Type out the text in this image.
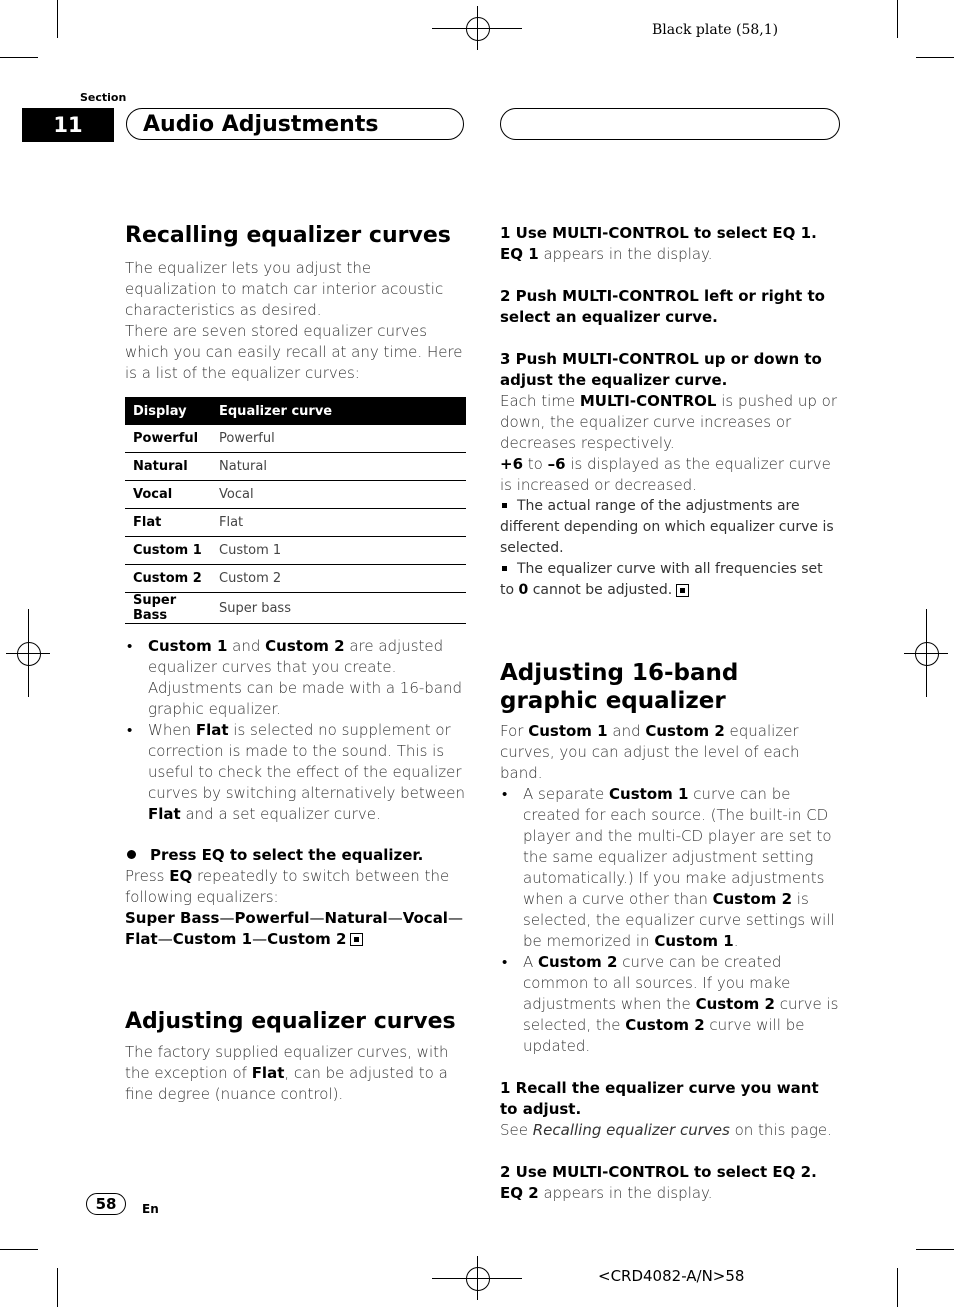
Black plate (58,1)
Section
11	Audio Adjustments
Recalling equalizer curves
The equalizer lets you adjust the equalization to match car interior acoustic characteristics as desired.
There are seven stored equalizer curves which you can easily recall at any time. Here is a list of the equalizer curves:
Display	Equalizer curve
Powerful	Powerful
Natural	Natural
Vocal	Vocal
Flat	Flat
Custom 1	Custom 1
Custom 2	Custom 2
Super Bass	Super bass
• Custom 1 and Custom 2 are adjusted equalizer curves that you create. Adjustments can be made with a 16-band graphic equalizer.
• When Flat is selected no supplement or correction is made to the sound. This is useful to check the effect of the equalizer curves by switching alternatively between Flat and a set equalizer curve.
Press EQ to select the equalizer.
Press EQ repeatedly to switch between the following equalizers:
Super Bass—Powerful—Natural—Vocal—
Flat—Custom 1—Custom 2
Adjusting equalizer curves
The factory supplied equalizer curves, with the exception of Flat, can be adjusted to a fine degree (nuance control).
1 Use MULTI-CONTROL to select EQ 1.
EQ 1 appears in the display.
2 Push MULTI-CONTROL left or right to select an equalizer curve.
3 Push MULTI-CONTROL up or down to adjust the equalizer curve.
Each time MULTI-CONTROL is pushed up or down, the equalizer curve increases or decreases respectively.
+6 to –6 is displayed as the equalizer curve is increased or decreased.
The actual range of the adjustments are different depending on which equalizer curve is selected.
The equalizer curve with all frequencies set to 0 cannot be adjusted.
Adjusting 16-band graphic equalizer
For Custom 1 and Custom 2 equalizer curves, you can adjust the level of each band.
• A separate Custom 1 curve can be created for each source. (The built-in CD player and the multi-CD player are set to the same equalizer adjustment setting automatically.) If you make adjustments when a curve other than Custom 2 is selected, the equalizer curve settings will be memorized in Custom 1.
• A Custom 2 curve can be created common to all sources. If you make adjustments when the Custom 2 curve is selected, the Custom 2 curve will be updated.
1 Recall the equalizer curve you want to adjust.
See Recalling equalizer curves on this page.
2 Use MULTI-CONTROL to select EQ 2.
EQ 2 appears in the display.
58	En
<CRD4082-A/N>58
